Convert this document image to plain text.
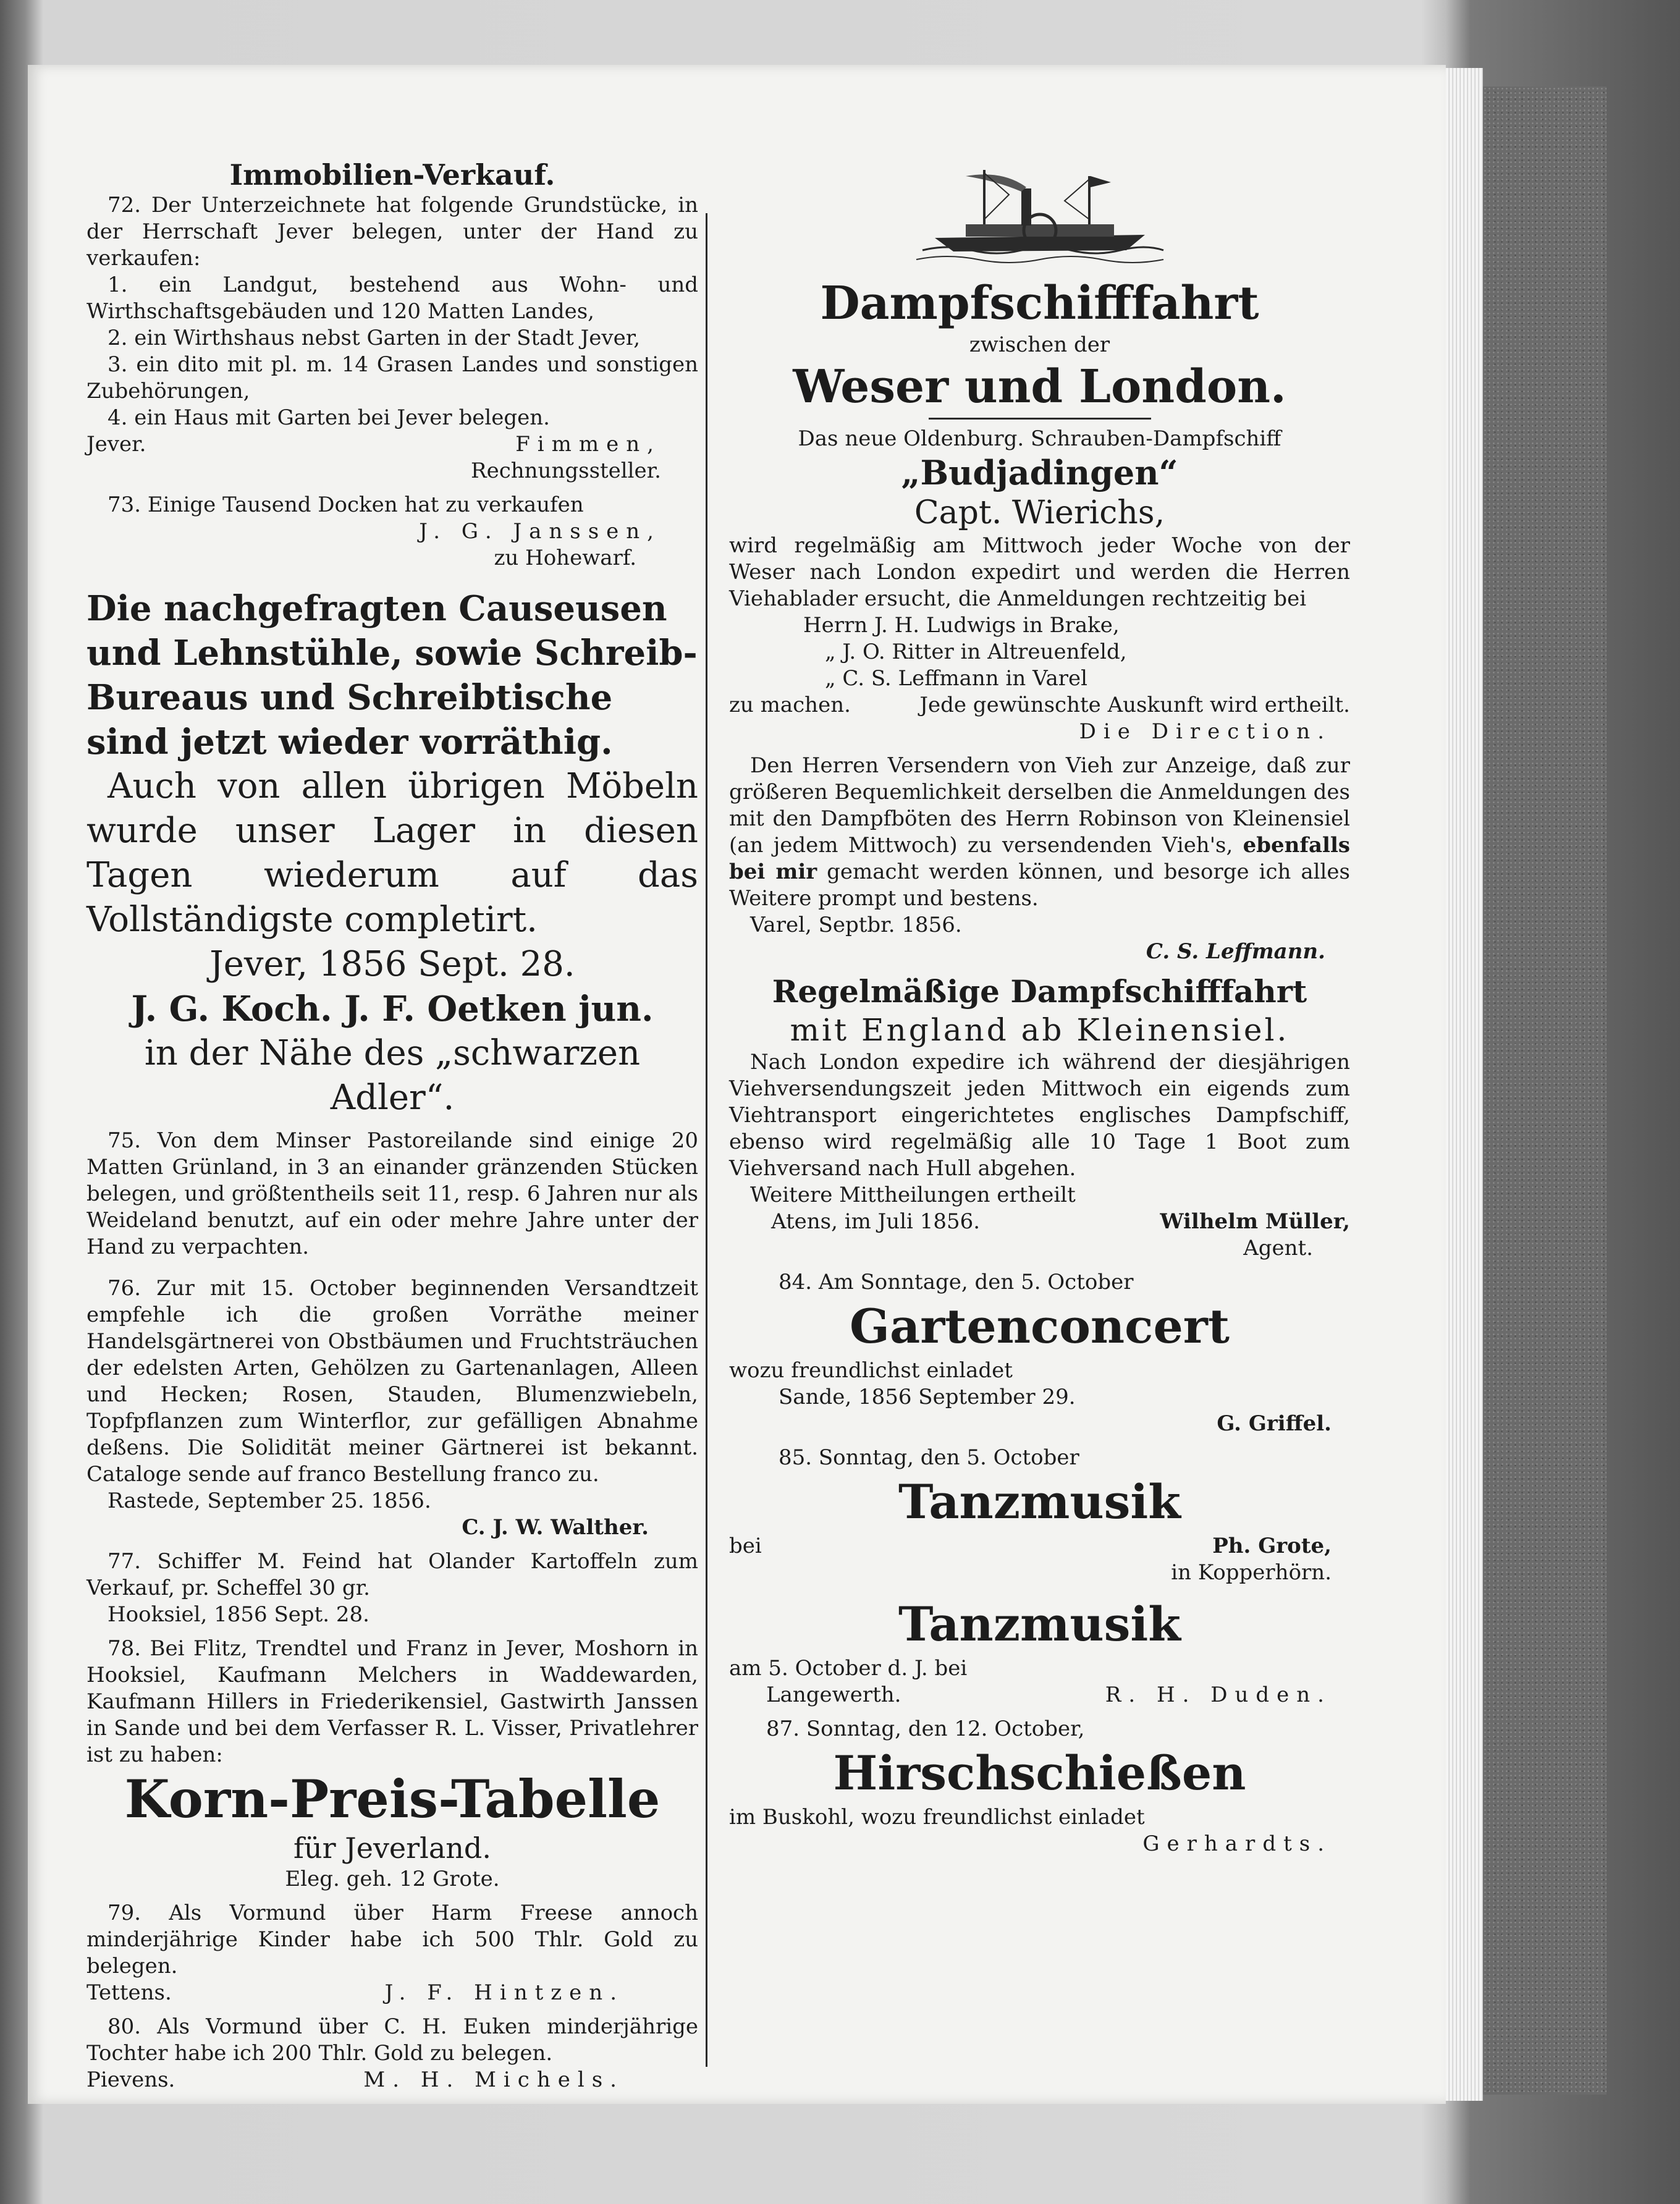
Immobilien-Verkauf.

72. Der Unterzeichnete hat folgende Grundstücke, in der Herrschaft Jever belegen, unter der Hand zu verkaufen:

1. ein Landgut, bestehend aus Wohn- und Wirthschaftsgebäuden und 120 Matten Landes,

2. ein Wirthshaus nebst Garten in der Stadt Jever,

3. ein dito mit pl. m. 14 Grasen Landes und sonstigen Zubehörungen,

4. ein Haus mit Garten bei Jever belegen.

Jever.	Fimmen,

Rechnungssteller.

73. Einige Tausend Docken hat zu verkaufen

J. G. Janssen,

zu Hohewarf.

Die nachgefragten Causeusen und Lehnstühle, sowie Schreib-Bureaus und Schreibtische sind jetzt wieder vorräthig.

Auch von allen übrigen Möbeln wurde unser Lager in diesen Tagen wiederum auf das Vollständigste completirt.

Jever, 1856 Sept. 28.

J. G. Koch. J. F. Oetken jun.

in der Nähe des „schwarzen Adler“.

75. Von dem Minser Pastoreilande sind einige 20 Matten Grünland, in 3 an einander gränzenden Stücken belegen, und größtentheils seit 11, resp. 6 Jahren nur als Weideland benutzt, auf ein oder mehre Jahre unter der Hand zu verpachten.

76. Zur mit 15. October beginnenden Versandtzeit empfehle ich die großen Vorräthe meiner Handelsgärtnerei von Obstbäumen und Fruchtsträuchen der edelsten Arten, Gehölzen zu Gartenanlagen, Alleen und Hecken; Rosen, Stauden, Blumenzwiebeln, Topfpflanzen zum Winterflor, zur gefälligen Abnahme deßens. Die Solidität meiner Gärtnerei ist bekannt. Cataloge sende auf franco Bestellung franco zu.

Rastede, September 25. 1856.

C. J. W. Walther.

77. Schiffer M. Feind hat Olander Kartoffeln zum Verkauf, pr. Scheffel 30 gr.

Hooksiel, 1856 Sept. 28.

78. Bei Flitz, Trendtel und Franz in Jever, Moshorn in Hooksiel, Kaufmann Melchers in Waddewarden, Kaufmann Hillers in Friederikensiel, Gastwirth Janssen in Sande und bei dem Verfasser R. L. Visser, Privatlehrer ist zu haben:

Korn-Preis-Tabelle

für Jeverland.

Eleg. geh. 12 Grote.

79. Als Vormund über Harm Freese annoch minderjährige Kinder habe ich 500 Thlr. Gold zu belegen.

Tettens.	J. F. Hintzen.

80. Als Vormund über C. H. Euken minderjährige Tochter habe ich 200 Thlr. Gold zu belegen.

Pievens.	M. H. Michels.
Dampfschifffahrt

zwischen der

Weser und London.

Das neue Oldenburg. Schrauben-Dampfschiff

„Budjadingen“
Capt. Wierichs,

wird regelmäßig am Mittwoch jeder Woche von der Weser nach London expedirt und werden die Herren Viehablader ersucht, die Anmeldungen rechtzeitig bei

Herrn J. H. Ludwigs in Brake,

„ J. O. Ritter in Altreuenfeld,

„ C. S. Leffmann in Varel

zu machen.	Jede gewünschte Auskunft wird ertheilt.

Die Direction.

Den Herren Versendern von Vieh zur Anzeige, daß zur größeren Bequemlichkeit derselben die Anmeldungen des mit den Dampfböten des Herrn Robinson von Kleinensiel (an jedem Mittwoch) zu versendenden Vieh's, ebenfalls bei mir gemacht werden können, und besorge ich alles Weitere prompt und bestens.

Varel, Septbr. 1856.

C. S. Leffmann.

Regelmäßige Dampfschifffahrt
mit England ab Kleinensiel.

Nach London expedire ich während der diesjährigen Viehversendungszeit jeden Mittwoch ein eigends zum Viehtransport eingerichtetes englisches Dampfschiff, ebenso wird regelmäßig alle 10 Tage 1 Boot zum Viehversand nach Hull abgehen.

Weitere Mittheilungen ertheilt

Atens, im Juli 1856.	Wilhelm Müller,

Agent.

84. Am Sonntage, den 5. October

Gartenconcert

wozu freundlichst einladet

Sande, 1856 September 29.

G. Griffel.

85. Sonntag, den 5. October

Tanzmusik
bei	Ph. Grote,

in Kopperhörn.

Tanzmusik

am 5. October d. J. bei

Langewerth.	R. H. Duden.

87. Sonntag, den 12. October,

Hirschschießen

im Buskohl, wozu freundlichst einladet

Gerhardts.
